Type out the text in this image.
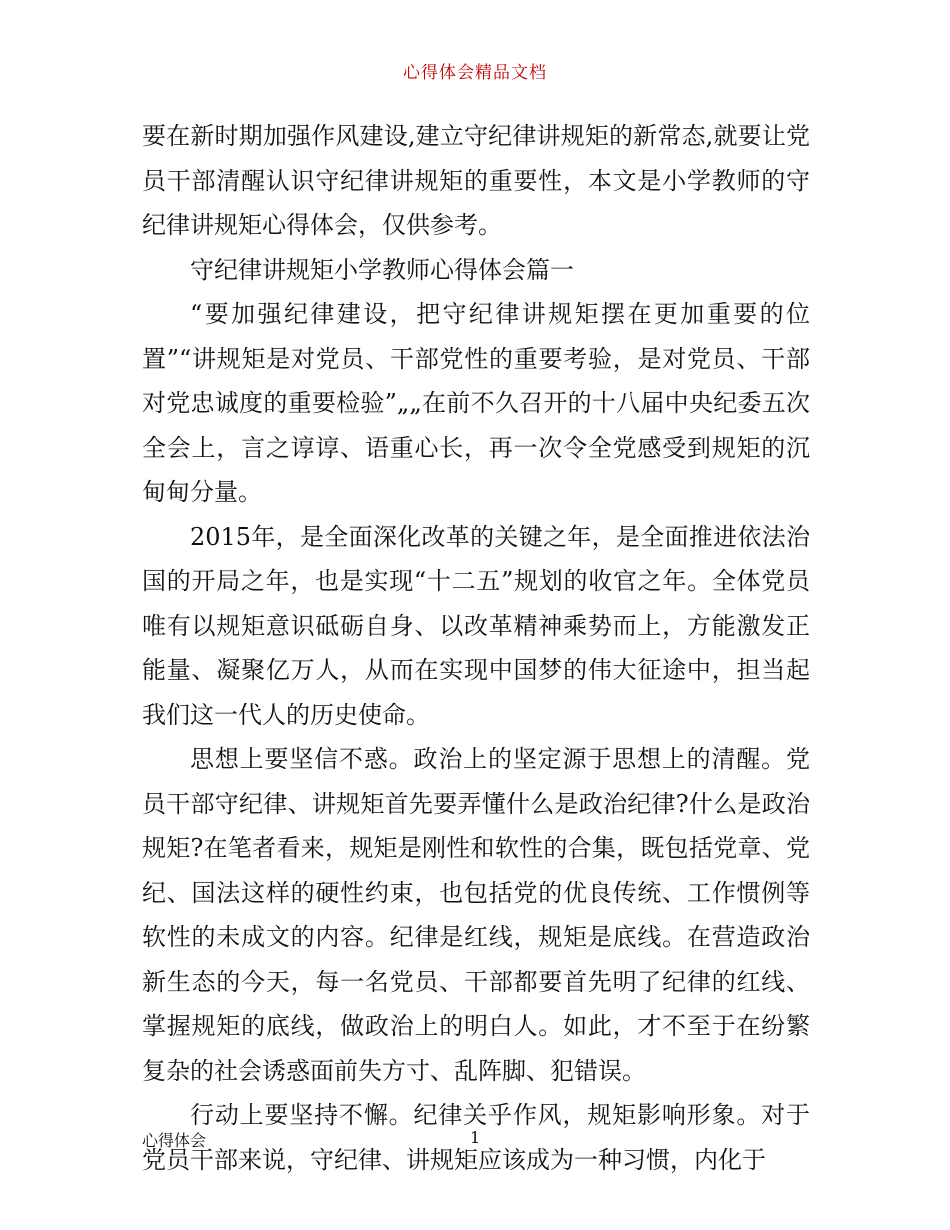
心得体会精品文档

要在新时期加强作风建设,建立守纪律讲规矩的新常态,就要让党员干部清醒认识守纪律讲规矩的重要性，本文是小学教师的守纪律讲规矩心得体会，仅供参考。

守纪律讲规矩小学教师心得体会篇一

“要加强纪律建设，把守纪律讲规矩摆在更加重要的位置”“讲规矩是对党员、干部党性的重要考验，是对党员、干部对党忠诚度的重要检验”„„在前不久召开的十八届中央纪委五次全会上，言之谆谆、语重心长，再一次令全党感受到规矩的沉甸甸分量。

2015年，是全面深化改革的关键之年，是全面推进依法治国的开局之年，也是实现“十二五”规划的收官之年。全体党员唯有以规矩意识砥砺自身、以改革精神乘势而上，方能激发正能量、凝聚亿万人，从而在实现中国梦的伟大征途中，担当起我们这一代人的历史使命。

思想上要坚信不惑。政治上的坚定源于思想上的清醒。党员干部守纪律、讲规矩首先要弄懂什么是政治纪律?什么是政治规矩?在笔者看来，规矩是刚性和软性的合集，既包括党章、党纪、国法这样的硬性约束，也包括党的优良传统、工作惯例等软性的未成文的内容。纪律是红线，规矩是底线。在营造政治新生态的今天，每一名党员、干部都要首先明了纪律的红线、掌握规矩的底线，做政治上的明白人。如此，才不至于在纷繁复杂的社会诱惑面前失方寸、乱阵脚、犯错误。

行动上要坚持不懈。纪律关乎作风，规矩影响形象。对于党员干部来说，守纪律、讲规矩应该成为一种习惯，内化于

心得体会	1
